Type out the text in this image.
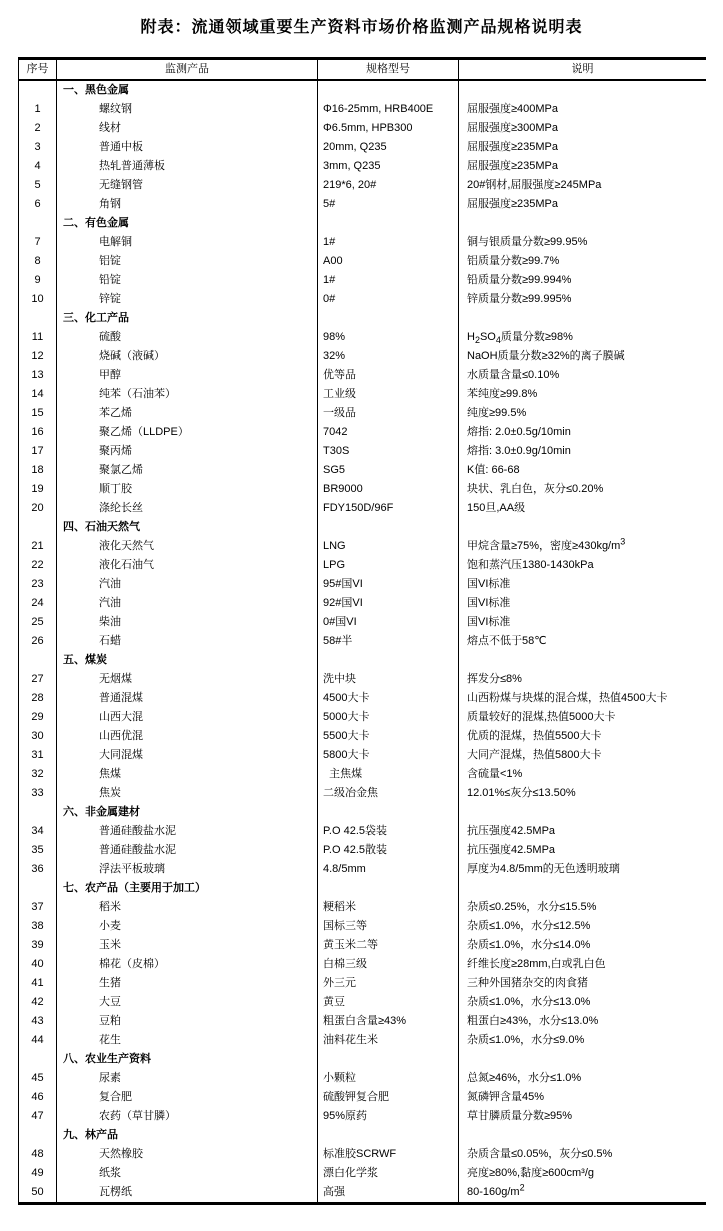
附表：流通领域重要生产资料市场价格监测产品规格说明表
序号	监测产品	规格型号	说明
一、黑色金属
1	螺纹钢	Φ16-25mm, HRB400E	屈服强度≥400MPa
2	线材	Φ6.5mm, HPB300	屈服强度≥300MPa
3	普通中板	20mm, Q235	屈服强度≥235MPa
4	热轧普通薄板	3mm, Q235	屈服强度≥235MPa
5	无缝钢管	219*6, 20#	20#钢材,屈服强度≥245MPa
6	角钢	5#	屈服强度≥235MPa
二、有色金属
7	电解铜	1#	铜与银质量分数≥99.95%
8	铝锭	A00	铝质量分数≥99.7%
9	铅锭	1#	铅质量分数≥99.994%
10	锌锭	0#	锌质量分数≥99.995%
三、化工产品
11	硫酸	98%	$H_2SO_4$质量分数≥98%
12	烧碱（液碱）	32%	NaOH质量分数≥32%的离子膜碱
13	甲醇	优等品	水质量含量≤0.10%
14	纯苯（石油苯）	工业级	苯纯度≥99.8%
15	苯乙烯	一级品	纯度≥99.5%
16	聚乙烯（LLDPE）	7042	熔指: 2.0±0.5g/10min
17	聚丙烯	T30S	熔指: 3.0±0.9g/10min
18	聚氯乙烯	SG5	K值: 66-68
19	顺丁胶	BR9000	块状、乳白色，灰分≤0.20%
20	涤纶长丝	FDY150D/96F	150旦,AA级
四、石油天然气
21	液化天然气	LNG	甲烷含量≥75%，密度$\ge 430kg/m^3$
22	液化石油气	LPG	饱和蒸汽压1380-1430kPa
23	汽油	95#国VI	国VI标准
24	汽油	92#国VI	国VI标准
25	柴油	0#国VI	国VI标准
26	石蜡	58#半	熔点不低于58℃
五、煤炭
27	无烟煤	洗中块	挥发分≤8%
28	普通混煤	4500大卡	山西粉煤与块煤的混合煤，热值4500大卡
29	山西大混	5000大卡	质量较好的混煤,热值5000大卡
30	山西优混	5500大卡	优质的混煤，热值5500大卡
31	大同混煤	5800大卡	大同产混煤，热值5800大卡
32	焦煤	主焦煤	含硫量<1%
33	焦炭	二级冶金焦	12.01%≤灰分≤13.50%
六、非金属建材
34	普通硅酸盐水泥	P.O 42.5袋装	抗压强度42.5MPa
35	普通硅酸盐水泥	P.O 42.5散装	抗压强度42.5MPa
36	浮法平板玻璃	4.8/5mm	厚度为4.8/5mm的无色透明玻璃
七、农产品（主要用于加工）
37	稻米	粳稻米	杂质≤0.25%，水分≤15.5%
38	小麦	国标三等	杂质≤1.0%，水分≤12.5%
39	玉米	黄玉米二等	杂质≤1.0%，水分≤14.0%
40	棉花（皮棉）	白棉三级	纤维长度≥28mm,白或乳白色
41	生猪	外三元	三种外国猪杂交的肉食猪
42	大豆	黄豆	杂质≤1.0%，水分≤13.0%
43	豆粕	粗蛋白含量≥43%	粗蛋白≥43%，水分≤13.0%
44	花生	油料花生米	杂质≤1.0%，水分≤9.0%
八、农业生产资料
45	尿素	小颗粒	总氮≥46%，水分≤1.0%
46	复合肥	硫酸钾复合肥	氮磷钾含量45%
47	农药（草甘膦）	95%原药	草甘膦质量分数≥95%
九、林产品
48	天然橡胶	标准胶SCRWF	杂质含量≤0.05%，灰分≤0.5%
49	纸浆	漂白化学浆	亮度≥80%,黏度≥600cm³/g
50	瓦楞纸	高强	$80-160g/m^2$
